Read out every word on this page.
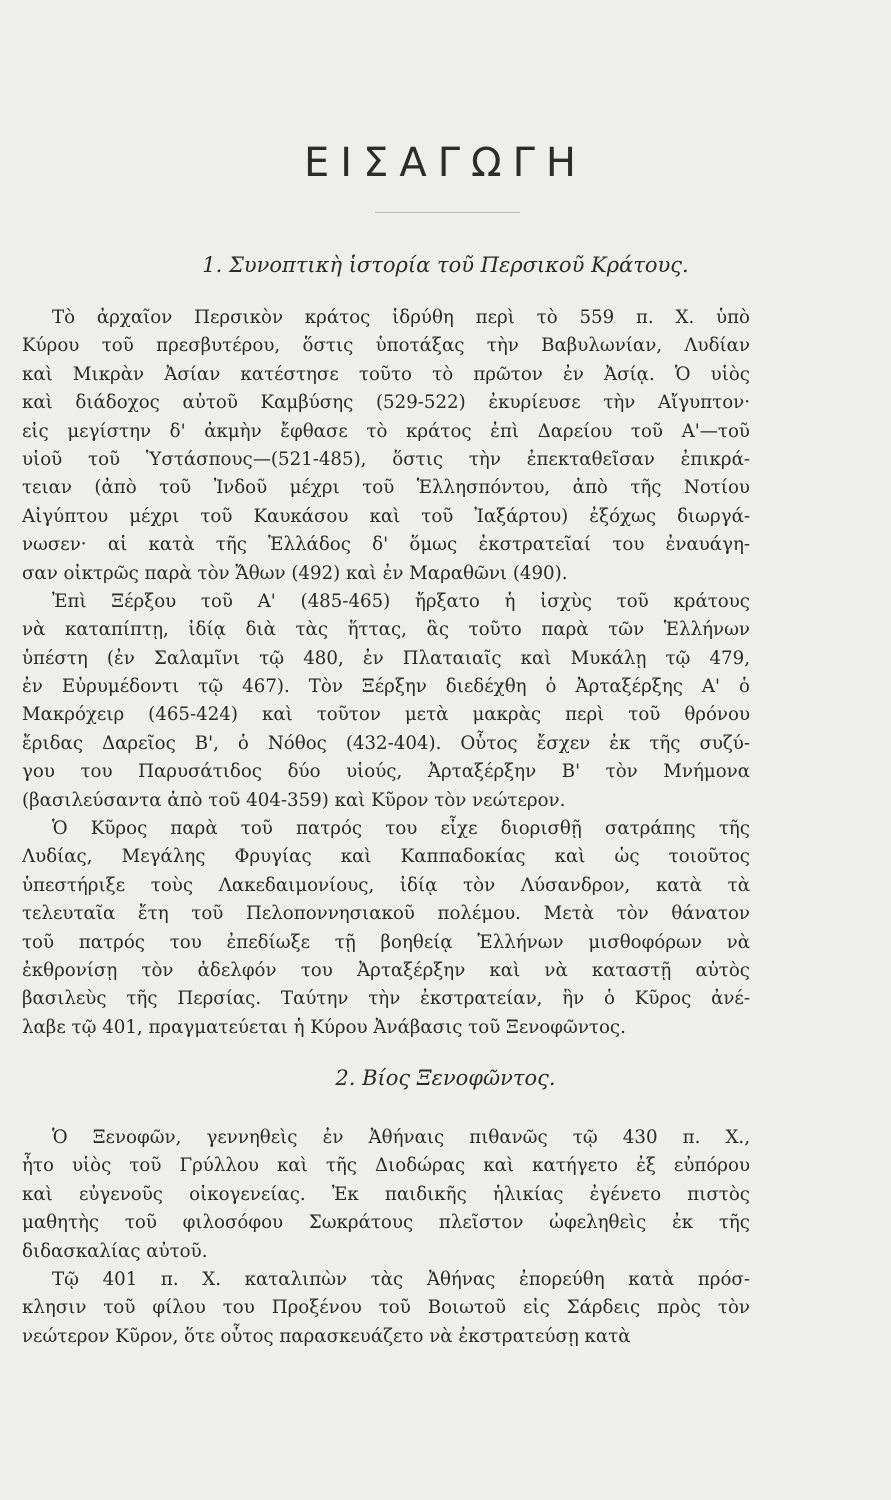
ΕΙΣΑΓΩΓΗ
1. Συνοπτικὴ ἱστορία τοῦ Περσικοῦ Κράτους.
Τὸ ἀρχαῖον Περσικὸν κράτος ἱδρύθη περὶ τὸ 559 π. Χ. ὑπὸ
Κύρου τοῦ πρεσβυτέρου, ὅστις ὑποτάξας τὴν Βαβυλωνίαν, Λυδίαν
καὶ Μικρὰν Ἀσίαν κατέστησε τοῦτο τὸ πρῶτον ἐν Ἀσίᾳ. Ὁ υἱὸς
καὶ διάδοχος αὐτοῦ Καμβύσης (529-522) ἐκυρίευσε τὴν Αἴγυπτον·
εἰς μεγίστην δ' ἀκμὴν ἔφθασε τὸ κράτος ἐπὶ Δαρείου τοῦ Α'—τοῦ
υἱοῦ τοῦ Ὑστάσπους—(521-485), ὅστις τὴν ἐπεκταθεῖσαν ἐπικρά-
τειαν (ἀπὸ τοῦ Ἰνδοῦ μέχρι τοῦ Ἑλλησπόντου, ἀπὸ τῆς Νοτίου
Αἰγύπτου μέχρι τοῦ Καυκάσου καὶ τοῦ Ἰαξάρτου) ἐξόχως διωργά-
νωσεν· αἱ κατὰ τῆς Ἑλλάδος δ' ὅμως ἐκστρατεῖαί του ἐναυάγη-
σαν οἰκτρῶς παρὰ τὸν Ἄθων (492) καὶ ἐν Μαραθῶνι (490).
Ἐπὶ Ξέρξου τοῦ Α' (485-465) ἤρξατο ἡ ἰσχὺς τοῦ κράτους
νὰ καταπίπτῃ, ἰδίᾳ διὰ τὰς ἥττας, ἃς τοῦτο παρὰ τῶν Ἑλλήνων
ὑπέστη (ἐν Σαλαμῖνι τῷ 480, ἐν Πλαταιαῖς καὶ Μυκάλῃ τῷ 479,
ἐν Εὐρυμέδοντι τῷ 467). Τὸν Ξέρξην διεδέχθη ὁ Ἀρταξέρξης Α' ὁ
Μακρόχειρ (465-424) καὶ τοῦτον μετὰ μακρὰς περὶ τοῦ θρόνου
ἔριδας Δαρεῖος Β', ὁ Νόθος (432-404). Οὗτος ἔσχεν ἐκ τῆς συζύ-
γου του Παρυσάτιδος δύο υἱούς, Ἀρταξέρξην Β' τὸν Μνήμονα
(βασιλεύσαντα ἀπὸ τοῦ 404-359) καὶ Κῦρον τὸν νεώτερον.
Ὁ Κῦρος παρὰ τοῦ πατρός του εἶχε διορισθῇ σατράπης τῆς
Λυδίας, Μεγάλης Φρυγίας καὶ Καππαδοκίας καὶ ὡς τοιοῦτος
ὑπεστήριξε τοὺς Λακεδαιμονίους, ἰδίᾳ τὸν Λύσανδρον, κατὰ τὰ
τελευταῖα ἔτη τοῦ Πελοποννησιακοῦ πολέμου. Μετὰ τὸν θάνατον
τοῦ πατρός του ἐπεδίωξε τῇ βοηθείᾳ Ἑλλήνων μισθοφόρων νὰ
ἐκθρονίσῃ τὸν ἀδελφόν του Ἀρταξέρξην καὶ νὰ καταστῇ αὐτὸς
βασιλεὺς τῆς Περσίας. Ταύτην τὴν ἐκστρατείαν, ἣν ὁ Κῦρος ἀνέ-
λαβε τῷ 401, πραγματεύεται ἡ Κύρου Ἀνάβασις τοῦ Ξενοφῶντος.
2. Βίος Ξενοφῶντος.
Ὁ Ξενοφῶν, γεννηθεὶς ἐν Ἀθήναις πιθανῶς τῷ 430 π. Χ.,
ἦτο υἱὸς τοῦ Γρύλλου καὶ τῆς Διοδώρας καὶ κατήγετο ἐξ εὐπόρου
καὶ εὐγενοῦς οἰκογενείας. Ἐκ παιδικῆς ἡλικίας ἐγένετο πιστὸς
μαθητὴς τοῦ φιλοσόφου Σωκράτους πλεῖστον ὠφεληθεὶς ἐκ τῆς
διδασκαλίας αὐτοῦ.
Τῷ 401 π. Χ. καταλιπὼν τὰς Ἀθήνας ἐπορεύθη κατὰ πρόσ-
κλησιν τοῦ φίλου του Προξένου τοῦ Βοιωτοῦ εἰς Σάρδεις πρὸς τὸν
νεώτερον Κῦρον, ὅτε οὗτος παρασκευάζετο νὰ ἐκστρατεύσῃ κατὰ
